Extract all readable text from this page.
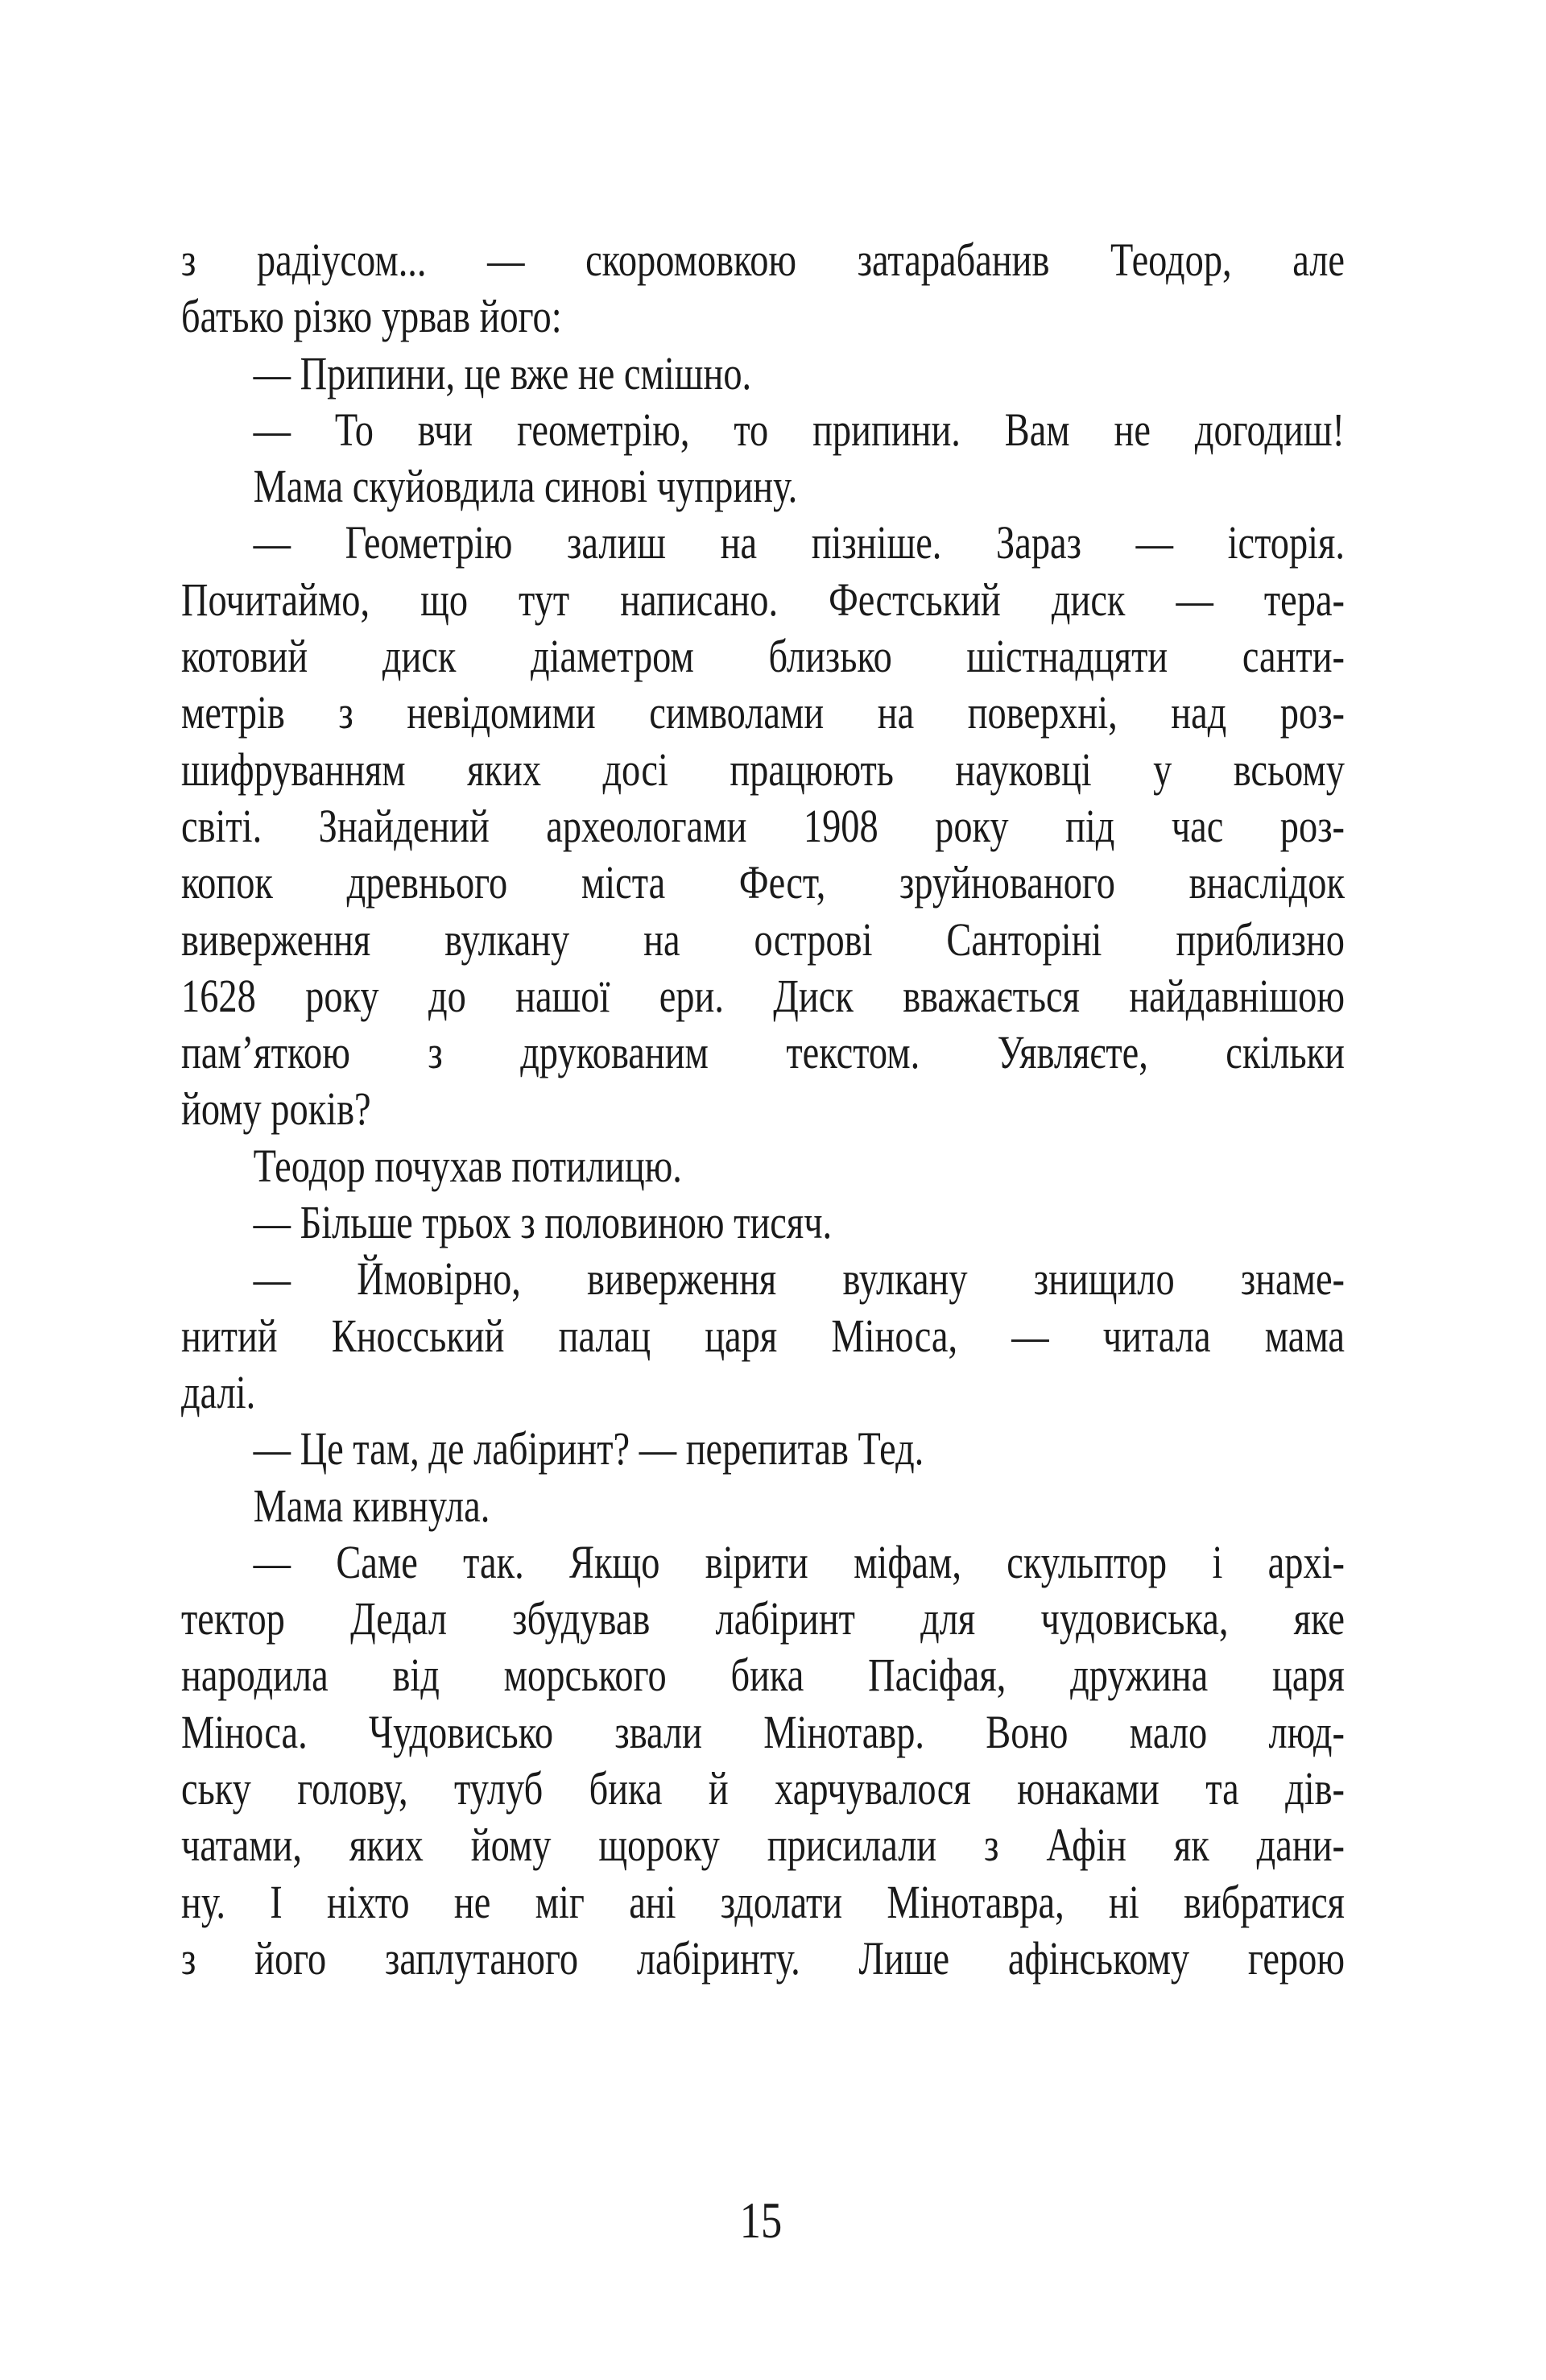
з радіусом... — скоромовкою затарабанив Теодор, але
батько різко урвав його:
— Припини, це вже не смішно.
— То вчи геометрію, то припини. Вам не догодиш!
Мама скуйовдила синові чуприну.
— Геометрію залиш на пізніше. Зараз — історія.
Почитаймо, що тут написано. Фестський диск — тера-
котовий диск діаметром близько шістнадцяти санти-
метрів з невідомими символами на поверхні, над роз-
шифруванням яких досі працюють науковці у всьому
світі. Знайдений археологами 1908 року під час роз-
копок древнього міста Фест, зруйнованого внаслідок
виверження вулкану на острові Санторіні приблизно
1628 року до нашої ери. Диск вважається найдавнішою
пам’яткою з друкованим текстом. Уявляєте, скільки
йому років?
Теодор почухав потилицю.
— Більше трьох з половиною тисяч.
— Ймовірно, виверження вулкану знищило знаме-
нитий Кносський палац царя Міноса, — читала мама
далі.
— Це там, де лабіринт? — перепитав Тед.
Мама кивнула.
— Саме так. Якщо вірити міфам, скульптор і архі-
тектор Дедал збудував лабіринт для чудовиська, яке
народила від морського бика Пасіфая, дружина царя
Міноса. Чудовисько звали Мінотавр. Воно мало люд-
ську голову, тулуб бика й харчувалося юнаками та дів-
чатами, яких йому щороку присилали з Афін як дани-
ну. І ніхто не міг ані здолати Мінотавра, ні вибратися
з його заплутаного лабіринту. Лише афінському герою
15
